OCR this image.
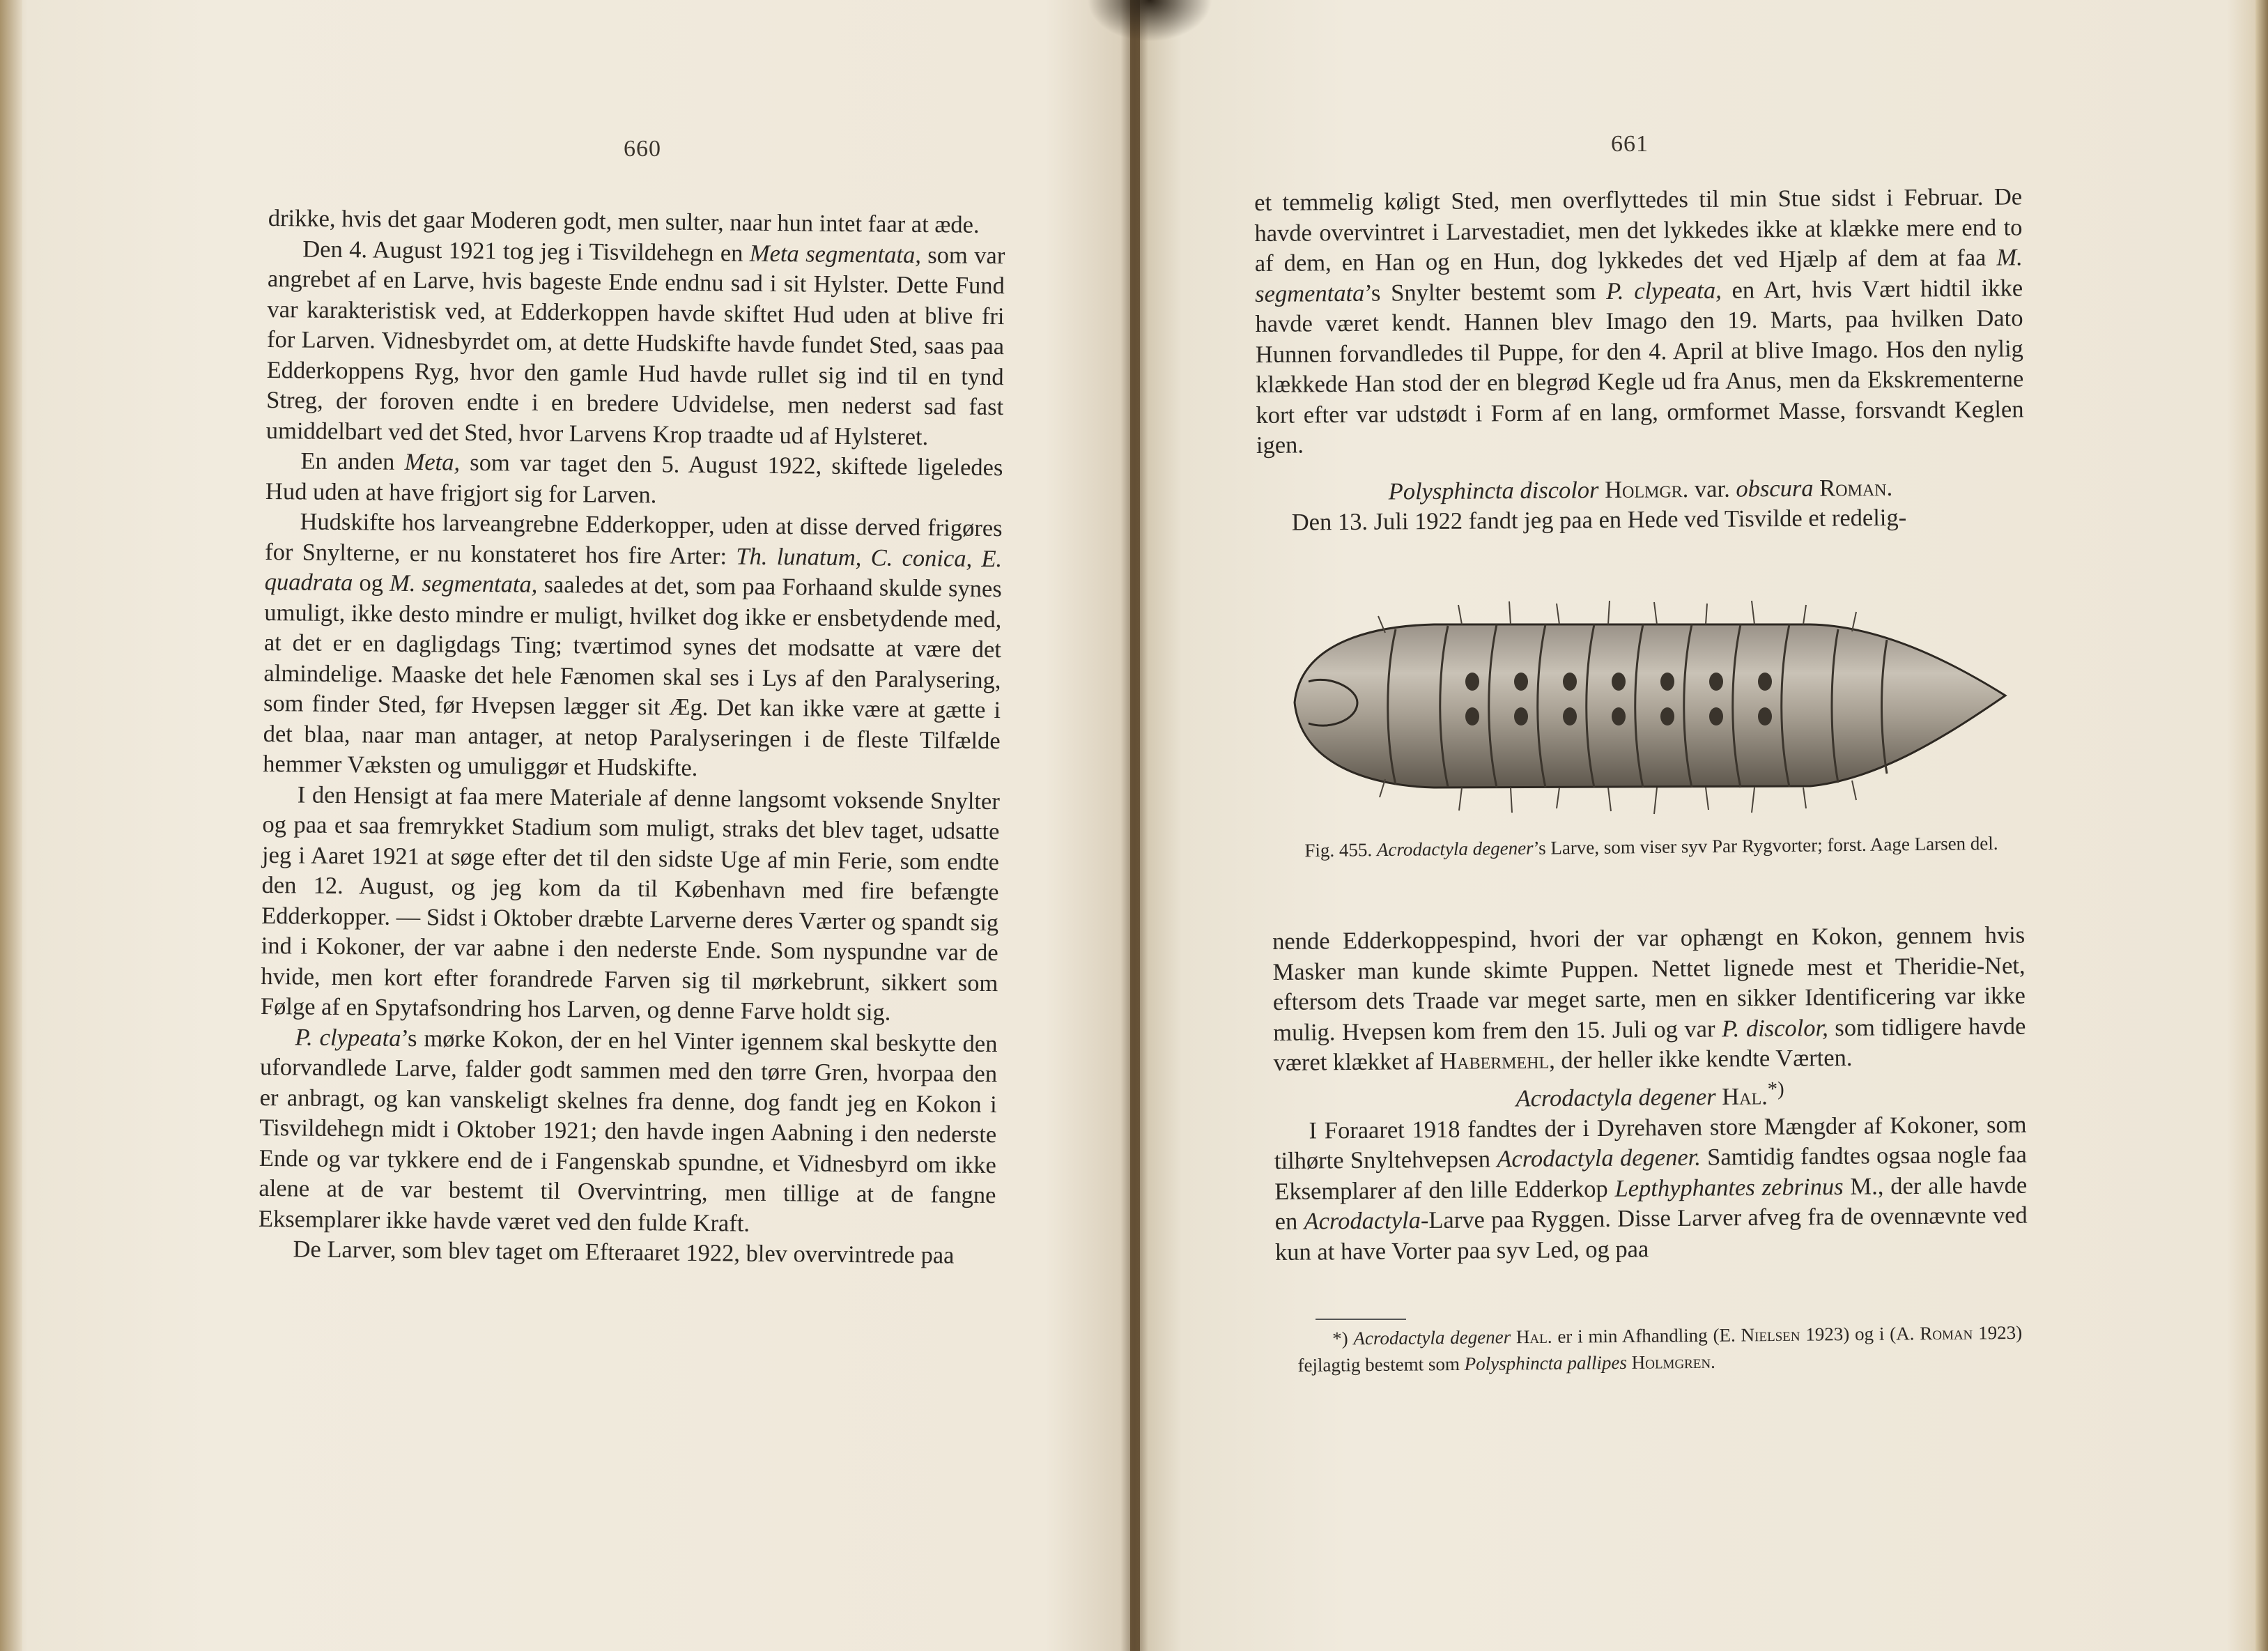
660

drikke, hvis det gaar Moderen godt, men sulter, naar hun intet faar at æde.

Den 4. August 1921 tog jeg i Tisvildehegn en Meta segmentata, som var angrebet af en Larve, hvis bageste Ende endnu sad i sit Hylster. Dette Fund var karakteristisk ved, at Edderkoppen havde skiftet Hud uden at blive fri for Larven. Vidnesbyrdet om, at dette Hudskifte havde fundet Sted, saas paa Edderkoppens Ryg, hvor den gamle Hud havde rullet sig ind til en tynd Streg, der foroven endte i en bredere Udvidelse, men nederst sad fast umiddelbart ved det Sted, hvor Larvens Krop traadte ud af Hylsteret.

En anden Meta, som var taget den 5. August 1922, skiftede ligeledes Hud uden at have frigjort sig for Larven.

Hudskifte hos larveangrebne Edderkopper, uden at disse derved frigøres for Snylterne, er nu konstateret hos fire Arter: Th. lunatum, C. conica, E. quadrata og M. segmentata, saaledes at det, som paa Forhaand skulde synes umuligt, ikke desto mindre er muligt, hvilket dog ikke er ensbetydende med, at det er en dagligdags Ting; tværtimod synes det modsatte at være det almindelige. Maaske det hele Fænomen skal ses i Lys af den Paralysering, som finder Sted, før Hvepsen lægger sit Æg. Det kan ikke være at gætte i det blaa, naar man antager, at netop Paralyseringen i de fleste Tilfælde hemmer Væksten og umuliggør et Hudskifte.

I den Hensigt at faa mere Materiale af denne langsomt voksende Snylter og paa et saa fremrykket Stadium som muligt, straks det blev taget, udsatte jeg i Aaret 1921 at søge efter det til den sidste Uge af min Ferie, som endte den 12. August, og jeg kom da til København med fire befængte Edderkopper. — Sidst i Oktober dræbte Larverne deres Værter og spandt sig ind i Kokoner, der var aabne i den nederste Ende. Som nyspundne var de hvide, men kort efter forandrede Farven sig til mørkebrunt, sikkert som Følge af en Spytafsondring hos Larven, og denne Farve holdt sig.

P. clypeata’s mørke Kokon, der en hel Vinter igennem skal beskytte den uforvandlede Larve, falder godt sammen med den tørre Gren, hvorpaa den er anbragt, og kan vanskeligt skelnes fra denne, dog fandt jeg en Kokon i Tisvildehegn midt i Oktober 1921; den havde ingen Aabning i den nederste Ende og var tykkere end de i Fangenskab spundne, et Vidnesbyrd om ikke alene at de var bestemt til Overvintring, men tillige at de fangne Eksemplarer ikke havde været ved den fulde Kraft.

De Larver, som blev taget om Efteraaret 1922, blev overvintrede paa

661

et temmelig køligt Sted, men overflyttedes til min Stue sidst i Februar. De havde overvintret i Larvestadiet, men det lykkedes ikke at klække mere end to af dem, en Han og en Hun, dog lykkedes det ved Hjælp af dem at faa M. segmentata’s Snylter bestemt som P. clypeata, en Art, hvis Vært hidtil ikke havde været kendt. Hannen blev Imago den 19. Marts, paa hvilken Dato Hunnen forvandledes til Puppe, for den 4. April at blive Imago. Hos den nylig klækkede Han stod der en blegrød Kegle ud fra Anus, men da Ekskrementerne kort efter var udstødt i Form af en lang, ormformet Masse, forsvandt Keglen igen.

Polysphincta discolor Holmgr. var. obscura Roman.

Den 13. Juli 1922 fandt jeg paa en Hede ved Tisvilde et redelig-

Fig. 455. Acrodactyla degener’s Larve, som viser syv Par Rygvorter; forst. Aage Larsen del.

nende Edderkoppespind, hvori der var ophængt en Kokon, gennem hvis Masker man kunde skimte Puppen. Nettet lignede mest et Theridie-Net, eftersom dets Traade var meget sarte, men en sikker Identificering var ikke mulig. Hvepsen kom frem den 15. Juli og var P. discolor, som tidligere havde været klækket af Habermehl, der heller ikke kendte Værten.

Acrodactyla degener Hal.*)

I Foraaret 1918 fandtes der i Dyrehaven store Mængder af Kokoner, som tilhørte Snyltehvepsen Acrodactyla degener. Samtidig fandtes ogsaa nogle faa Eksemplarer af den lille Edderkop Lepthyphantes zebrinus M., der alle havde en Acrodactyla-Larve paa Ryggen. Disse Larver afveg fra de ovennævnte ved kun at have Vorter paa syv Led, og paa

*) Acrodactyla degener Hal. er i min Afhandling (E. Nielsen 1923) og i (A. Roman 1923) fejlagtig bestemt som Polysphincta pallipes Holmgren.
